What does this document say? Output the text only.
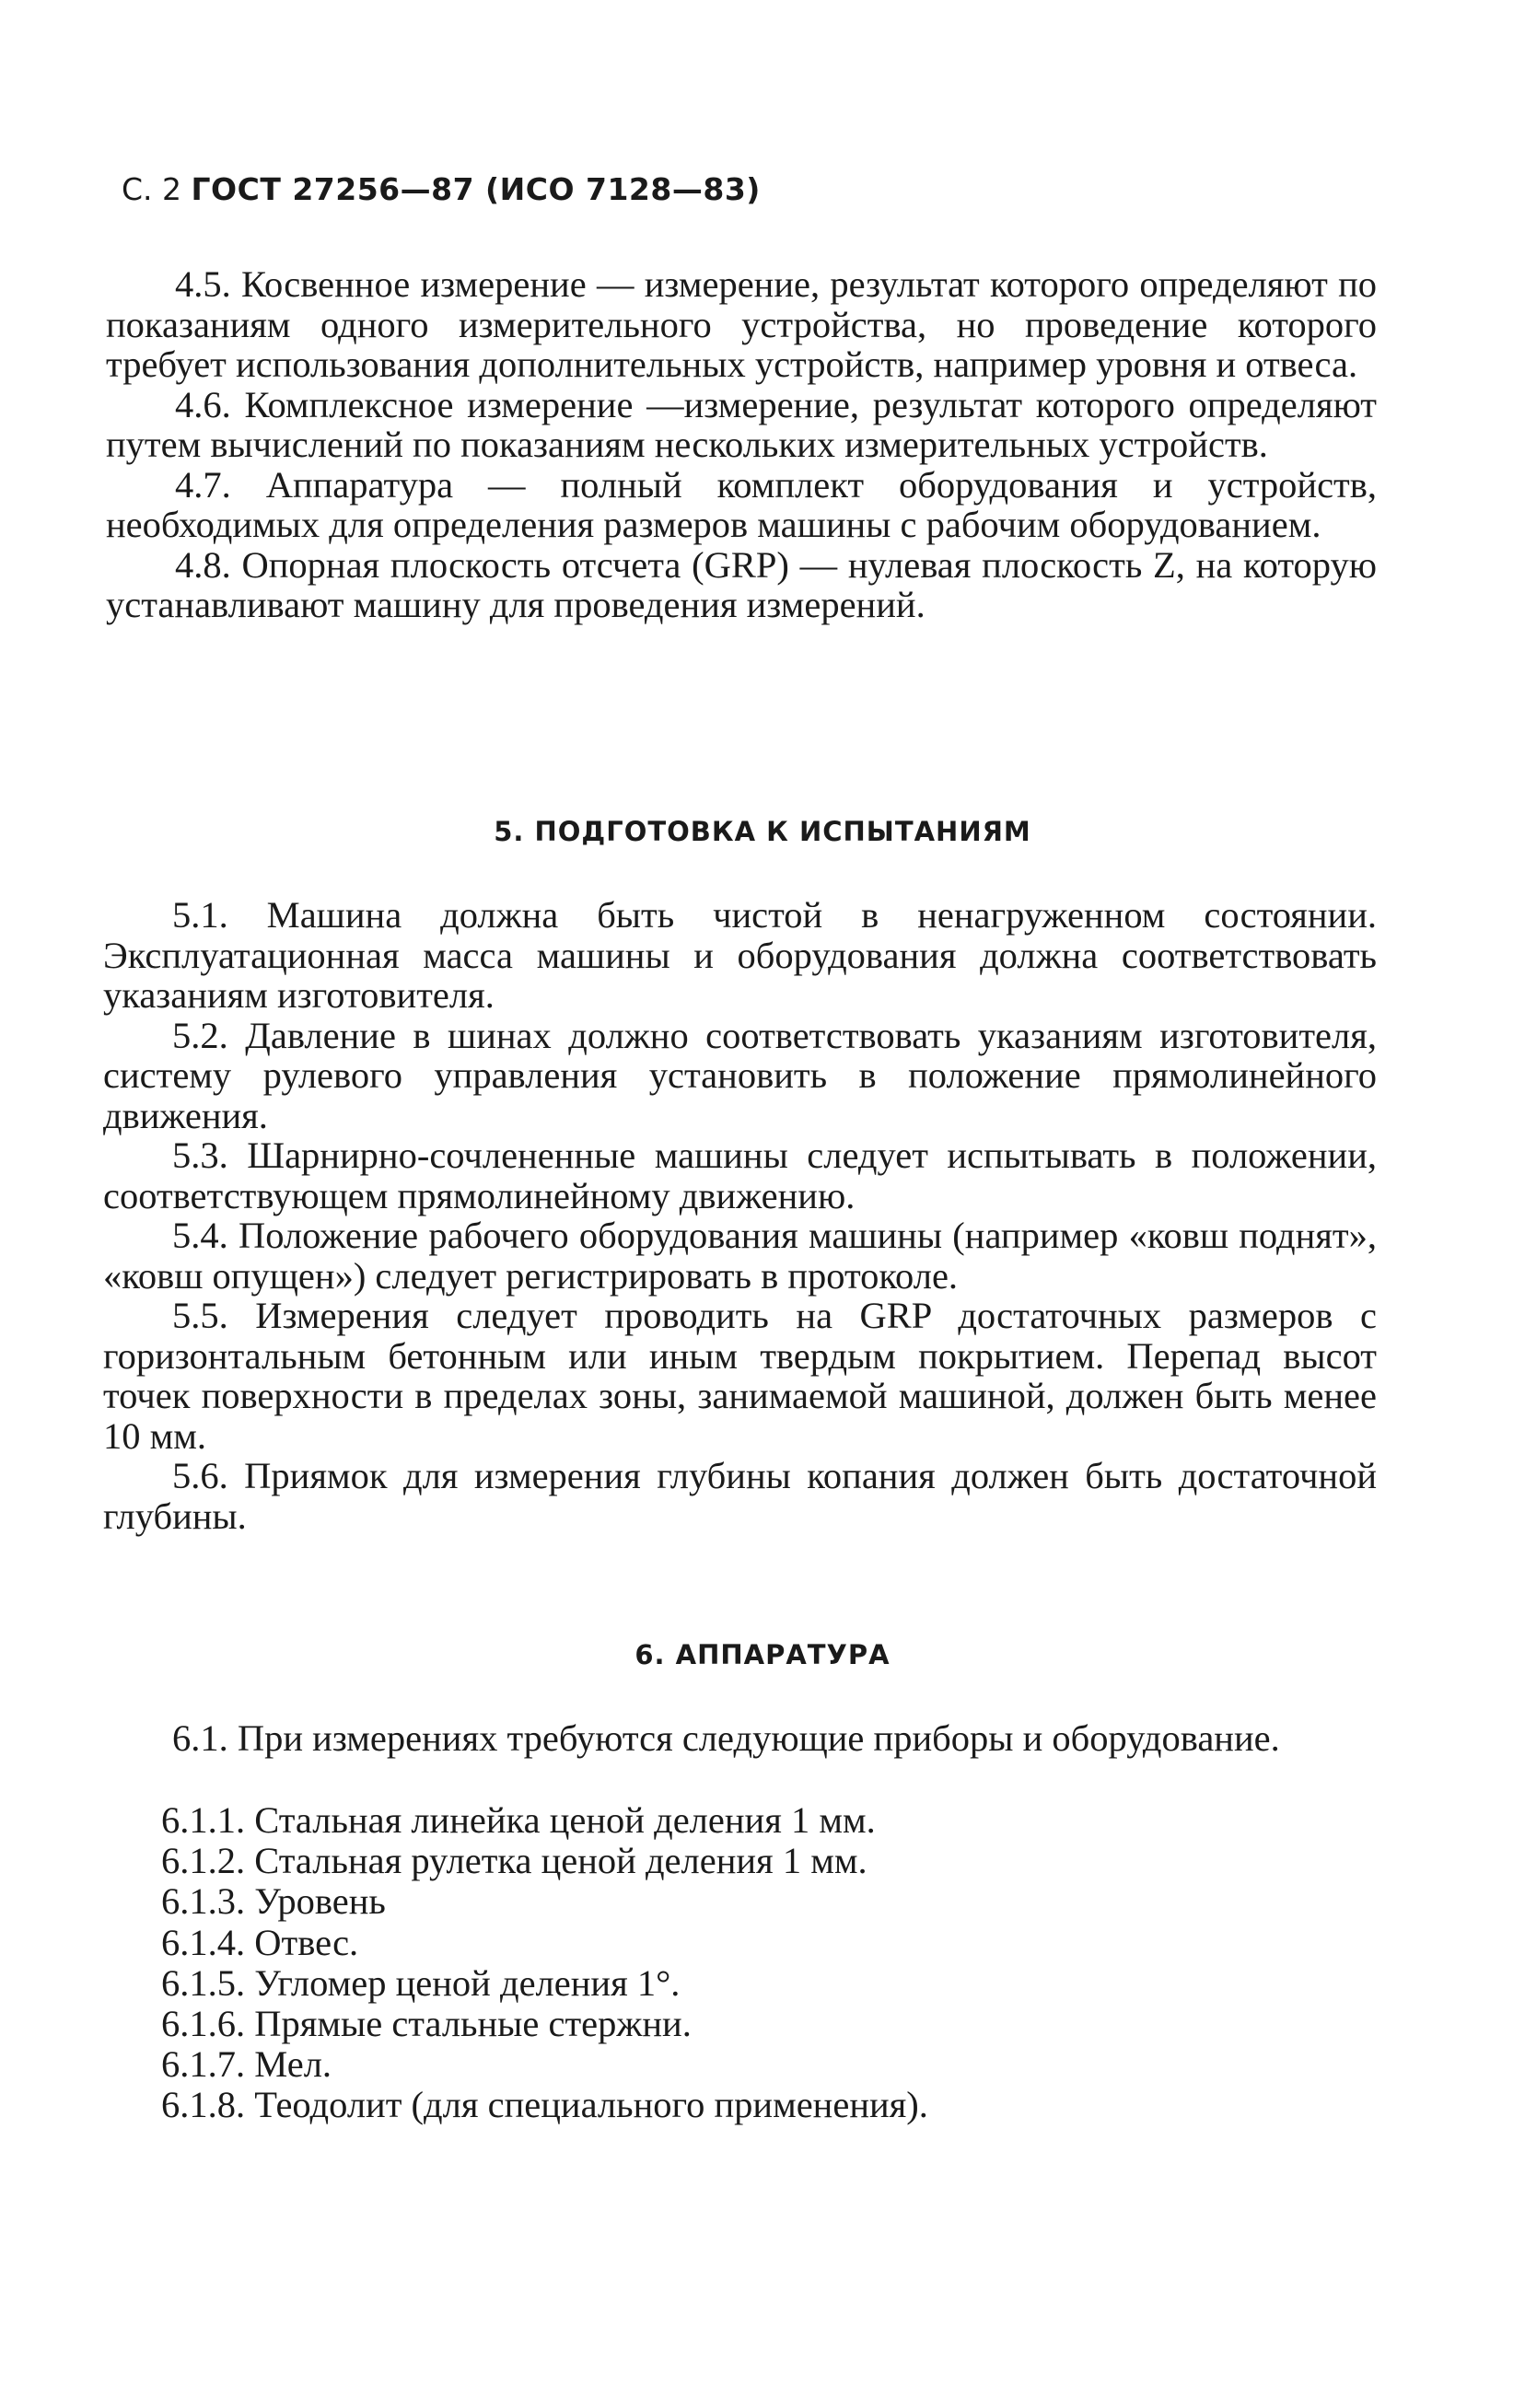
С. 2 ГОСТ 27256—87 (ИСО 7128—83)

4.5. Косвенное измерение — измерение, результат которого определяют по показаниям одного измерительного устройства, но проведение которого требует использования дополнительных устройств, например уровня и отвеса.

4.6. Комплексное измерение —измерение, результат которого определяют путем вычислений по показаниям нескольких измерительных устройств.

4.7. Аппаратура — полный комплект оборудования и устройств, необходимых для определения размеров машины с рабочим оборудованием.

4.8. Опорная плоскость отсчета (GRP) — нулевая плоскость Z, на которую устанавливают машину для проведения измерений.

5. ПОДГОТОВКА К ИСПЫТАНИЯМ

5.1. Машина должна быть чистой в ненагруженном состоянии. Эксплуатационная масса машины и оборудования должна соответствовать указаниям изготовителя.

5.2. Давление в шинах должно соответствовать указаниям изготовителя, систему рулевого управления установить в положение прямолинейного движения.

5.3. Шарнирно-сочлененные машины следует испытывать в положении, соответствующем прямолинейному движению.

5.4. Положение рабочего оборудования машины (например «ковш поднят», «ковш опущен») следует регистрировать в протоколе.

5.5. Измерения следует проводить на GRP достаточных размеров с горизонтальным бетонным или иным твердым покрытием. Перепад высот точек поверхности в пределах зоны, занимаемой машиной, должен быть менее 10 мм.

5.6. Приямок для измерения глубины копания должен быть достаточной глубины.

6. АППАРАТУРА

6.1. При измерениях требуются следующие приборы и оборудование.

6.1.1. Стальная линейка ценой деления 1 мм.

6.1.2. Стальная рулетка ценой деления 1 мм.

6.1.3. Уровень

6.1.4. Отвес.

6.1.5. Угломер ценой деления 1°.

6.1.6. Прямые стальные стержни.

6.1.7. Мел.

6.1.8. Теодолит (для специального применения).
